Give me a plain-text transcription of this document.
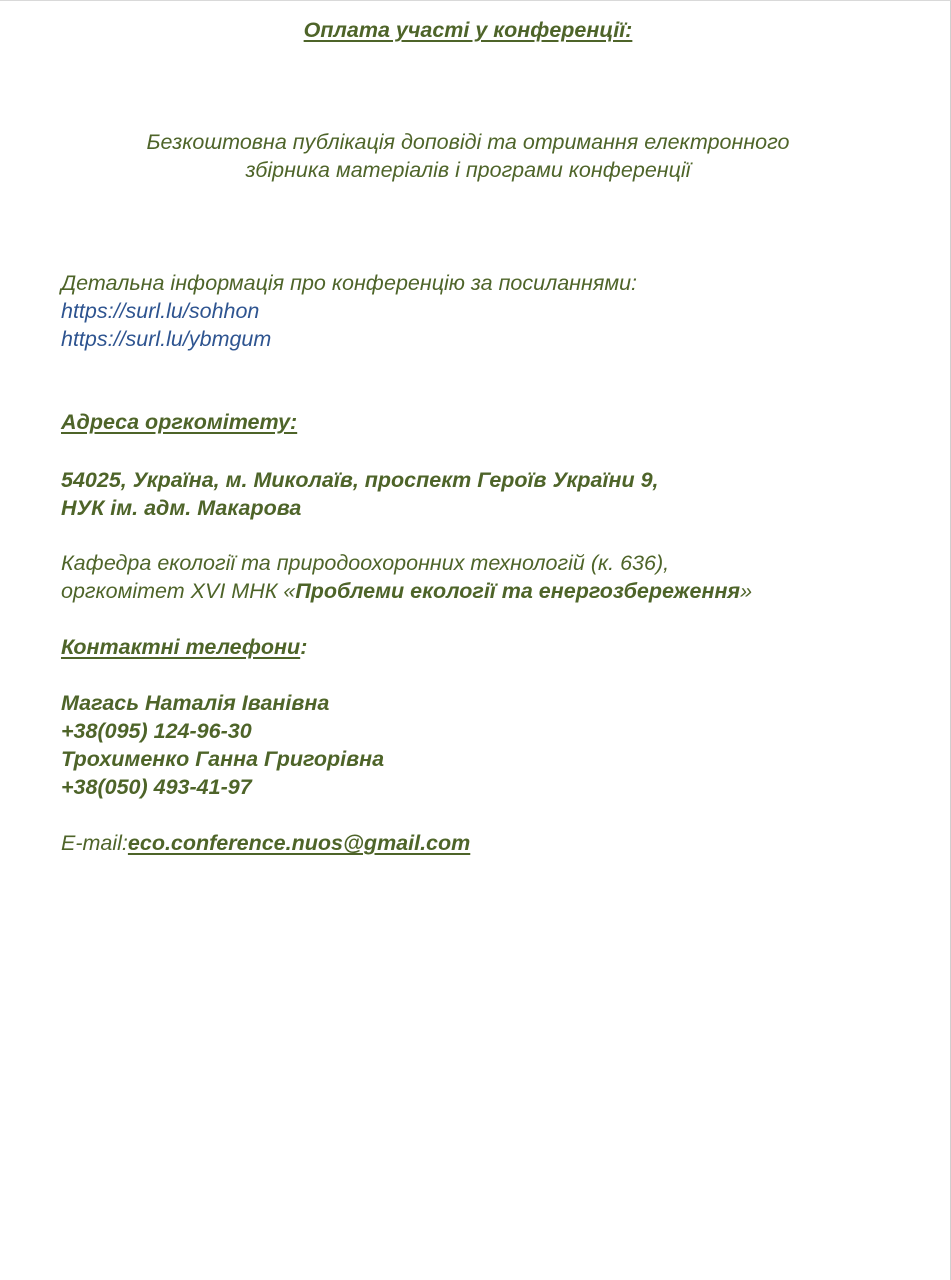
Оплата участі у конференції:

Безкоштовна публікація доповіді та отримання електронного

збірника матеріалів і програми конференції

Детальна інформація про конференцію за посиланнями:

https://surl.lu/sohhon
https://surl.lu/ybmgum

Адреса оргкомітету:

54025, Україна, м. Миколаїв, проспект Героїв України 9,

НУК ім. адм. Макарова

Кафедра екології та природоохоронних технологій (к. 636),

оргкомітет XVI МНК «Проблеми екології та енергозбереження»

Контактні телефони:

Магась Наталія Іванівна

+38(095) 124-96-30

Трохименко Ганна Григорівна

+38(050) 493-41-97

E-mail:eco.conference.nuos@gmail.com
